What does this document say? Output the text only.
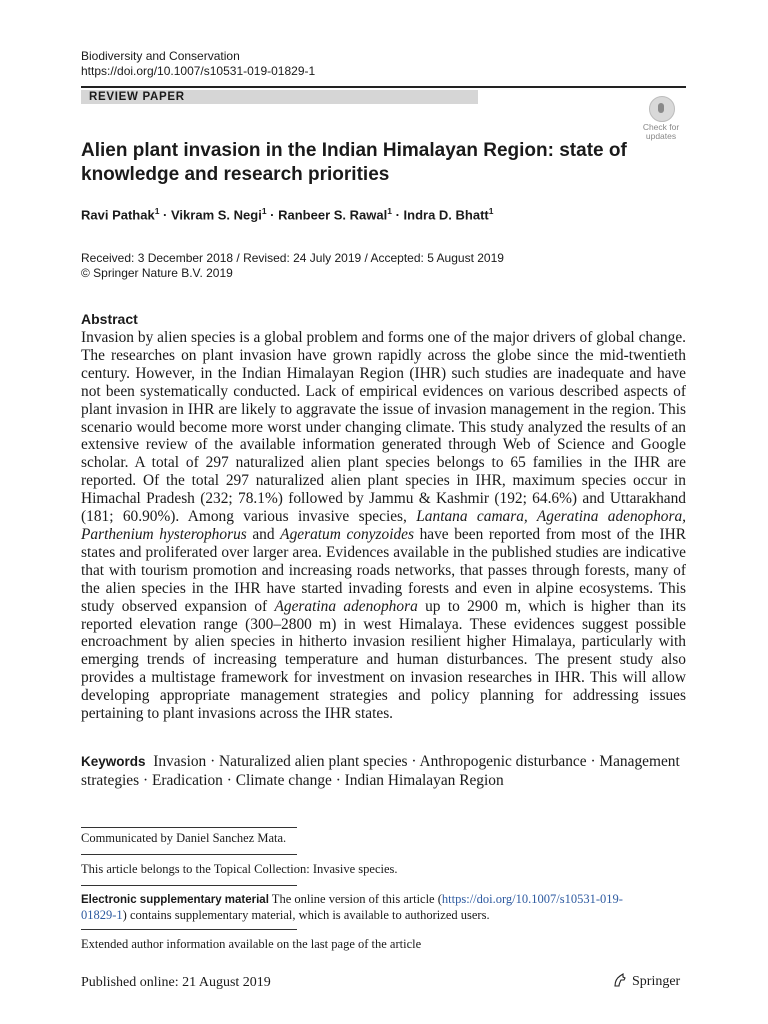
Biodiversity and Conservation
https://doi.org/10.1007/s10531-019-01829-1
REVIEW PAPER
Check for
updates
Alien plant invasion in the Indian Himalayan Region: state of knowledge and research priorities
Ravi Pathak$^1$ · Vikram S. Negi$^1$ · Ranbeer S. Rawal$^1$ · Indra D. Bhatt$^1$
Received: 3 December 2018 / Revised: 24 July 2019 / Accepted: 5 August 2019
© Springer Nature B.V. 2019
Abstract

Invasion by alien species is a global problem and forms one of the major drivers of global change. The researches on plant invasion have grown rapidly across the globe since the mid-twentieth century. However, in the Indian Himalayan Region (IHR) such studies are inadequate and have not been systematically conducted. Lack of empirical evidences on various described aspects of plant invasion in IHR are likely to aggravate the issue of invasion management in the region. This scenario would become more worst under changing climate. This study analyzed the results of an extensive review of the available information generated through Web of Science and Google scholar. A total of 297 naturalized alien plant species belongs to 65 families in the IHR are reported. Of the total 297 naturalized alien plant species in IHR, maximum species occur in Himachal Pradesh (232; 78.1%) followed by Jammu & Kashmir (192; 64.6%) and Uttarakhand (181; 60.90%). Among various invasive species, Lantana camara, Ageratina adenophora, Parthenium hysterophorus and Ageratum conyzoides have been reported from most of the IHR states and proliferated over larger area. Evidences available in the published studies are indicative that with tourism promotion and increasing roads networks, that passes through forests, many of the alien species in the IHR have started invading forests and even in alpine ecosystems. This study observed expansion of Ageratina adenophora up to 2900 m, which is higher than its reported elevation range (300–2800 m) in west Himalaya. These evidences suggest possible encroachment by alien species in hitherto invasion resilient higher Himalaya, particularly with emerging trends of increasing temperature and human disturbances. The present study also provides a multistage framework for investment on invasion researches in IHR. This will allow developing appropriate management strategies and policy planning for addressing issues pertaining to plant invasions across the IHR states.

Keywords Invasion · Naturalized alien plant species · Anthropogenic disturbance · Management strategies · Eradication · Climate change · Indian Himalayan Region

Communicated by Daniel Sanchez Mata.

This article belongs to the Topical Collection: Invasive species.

Electronic supplementary material The online version of this article (https://doi.org/10.1007/s10531-019-01829-1) contains supplementary material, which is available to authorized users.

Extended author information available on the last page of the article

Published online: 21 August 2019	Springer
